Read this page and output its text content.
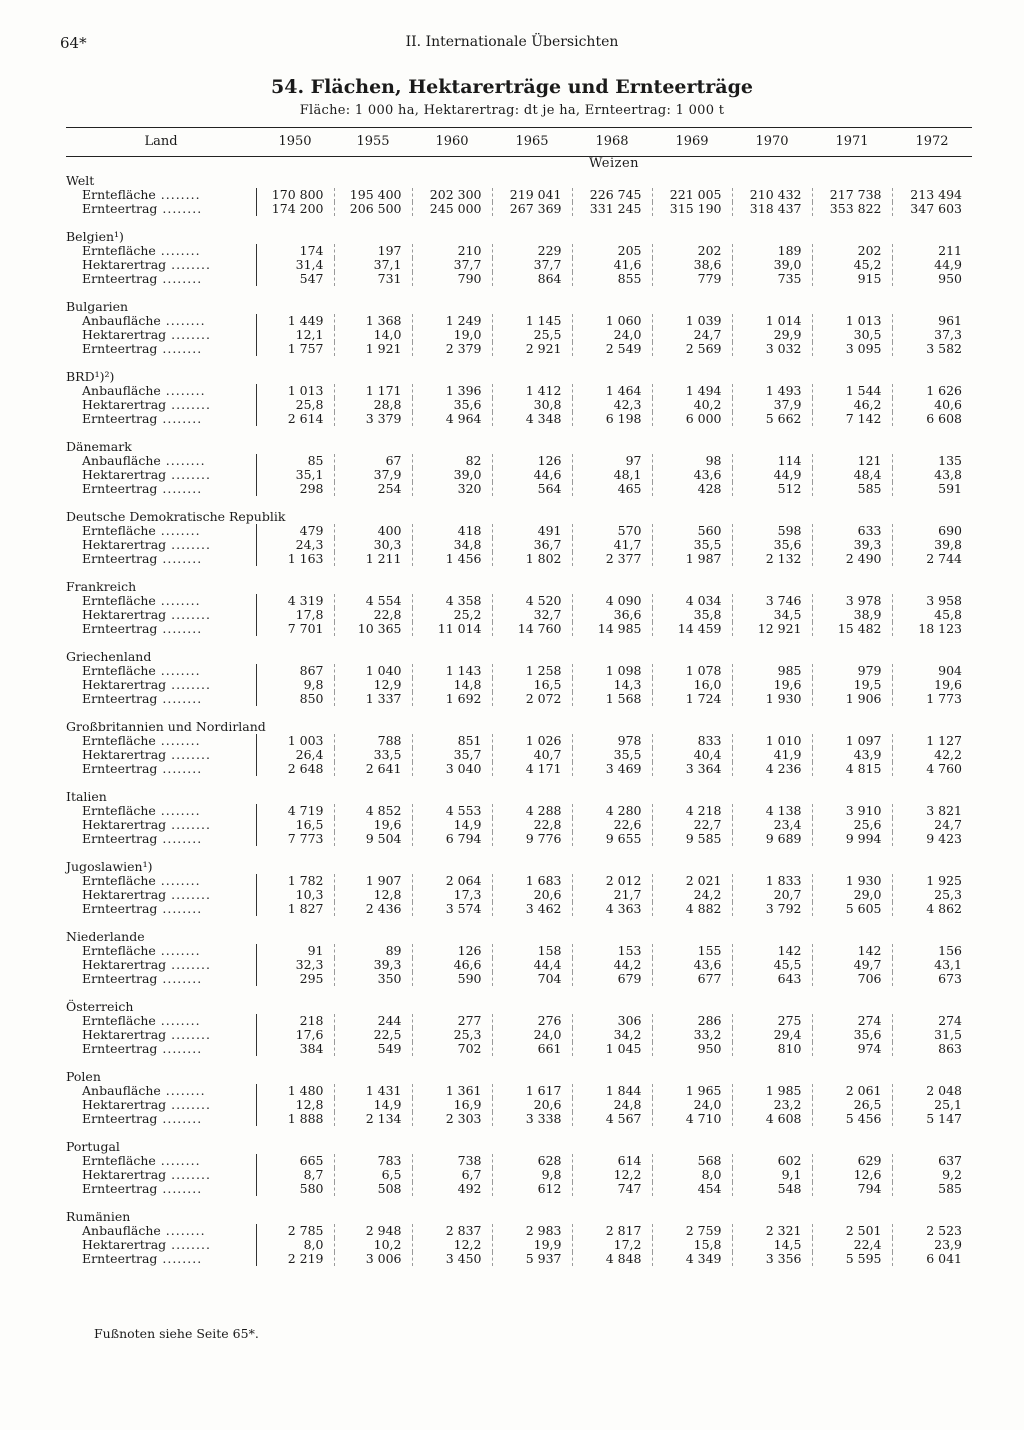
64*	II. Internationale Übersichten
54. Flächen, Hektarerträge und Ernteerträge
Fläche: 1 000 ha, Hektarertrag: dt je ha, Ernteertrag: 1 000 t
Land	1950	1955	1960	1965	1968	1969	1970	1971	1972
	Weizen								
Welt									
Erntefläche .....	170 800	195 400	202 300	219 041	226 745	221 005	210 432	217 738	213 494
Ernteertrag .....	174 200	206 500	245 000	267 369	331 245	315 190	318 437	353 822	347 603

Belgien¹)									
Erntefläche .....	174	197	210	229	205	202	189	202	211
Hektarertrag .....	31,4	37,1	37,7	37,7	41,6	38,6	39,0	45,2	44,9
Ernteertrag .....	547	731	790	864	855	779	735	915	950

Bulgarien									
Anbaufläche .....	1 449	1 368	1 249	1 145	1 060	1 039	1 014	1 013	961
Hektarertrag .....	12,1	14,0	19,0	25,5	24,0	24,7	29,9	30,5	37,3
Ernteertrag .....	1 757	1 921	2 379	2 921	2 549	2 569	3 032	3 095	3 582

BRD¹)²)									
Anbaufläche .....	1 013	1 171	1 396	1 412	1 464	1 494	1 493	1 544	1 626
Hektarertrag .....	25,8	28,8	35,6	30,8	42,3	40,2	37,9	46,2	40,6
Ernteertrag .....	2 614	3 379	4 964	4 348	6 198	6 000	5 662	7 142	6 608

Dänemark									
Anbaufläche .....	85	67	82	126	97	98	114	121	135
Hektarertrag .....	35,1	37,9	39,0	44,6	48,1	43,6	44,9	48,4	43,8
Ernteertrag .....	298	254	320	564	465	428	512	585	591

Deutsche Demokratische Republik									
Erntefläche .....	479	400	418	491	570	560	598	633	690
Hektarertrag .....	24,3	30,3	34,8	36,7	41,7	35,5	35,6	39,3	39,8
Ernteertrag .....	1 163	1 211	1 456	1 802	2 377	1 987	2 132	2 490	2 744

Frankreich									
Erntefläche .....	4 319	4 554	4 358	4 520	4 090	4 034	3 746	3 978	3 958
Hektarertrag .....	17,8	22,8	25,2	32,7	36,6	35,8	34,5	38,9	45,8
Ernteertrag .....	7 701	10 365	11 014	14 760	14 985	14 459	12 921	15 482	18 123

Griechenland									
Erntefläche .....	867	1 040	1 143	1 258	1 098	1 078	985	979	904
Hektarertrag .....	9,8	12,9	14,8	16,5	14,3	16,0	19,6	19,5	19,6
Ernteertrag .....	850	1 337	1 692	2 072	1 568	1 724	1 930	1 906	1 773

Großbritannien und Nordirland									
Erntefläche .....	1 003	788	851	1 026	978	833	1 010	1 097	1 127
Hektarertrag .....	26,4	33,5	35,7	40,7	35,5	40,4	41,9	43,9	42,2
Ernteertrag .....	2 648	2 641	3 040	4 171	3 469	3 364	4 236	4 815	4 760

Italien									
Erntefläche .....	4 719	4 852	4 553	4 288	4 280	4 218	4 138	3 910	3 821
Hektarertrag .....	16,5	19,6	14,9	22,8	22,6	22,7	23,4	25,6	24,7
Ernteertrag .....	7 773	9 504	6 794	9 776	9 655	9 585	9 689	9 994	9 423

Jugoslawien¹)									
Erntefläche .....	1 782	1 907	2 064	1 683	2 012	2 021	1 833	1 930	1 925
Hektarertrag .....	10,3	12,8	17,3	20,6	21,7	24,2	20,7	29,0	25,3
Ernteertrag .....	1 827	2 436	3 574	3 462	4 363	4 882	3 792	5 605	4 862

Niederlande									
Erntefläche .....	91	89	126	158	153	155	142	142	156
Hektarertrag .....	32,3	39,3	46,6	44,4	44,2	43,6	45,5	49,7	43,1
Ernteertrag .....	295	350	590	704	679	677	643	706	673

Österreich									
Erntefläche .....	218	244	277	276	306	286	275	274	274
Hektarertrag .....	17,6	22,5	25,3	24,0	34,2	33,2	29,4	35,6	31,5
Ernteertrag .....	384	549	702	661	1 045	950	810	974	863

Polen									
Anbaufläche .....	1 480	1 431	1 361	1 617	1 844	1 965	1 985	2 061	2 048
Hektarertrag .....	12,8	14,9	16,9	20,6	24,8	24,0	23,2	26,5	25,1
Ernteertrag .....	1 888	2 134	2 303	3 338	4 567	4 710	4 608	5 456	5 147

Portugal									
Erntefläche .....	665	783	738	628	614	568	602	629	637
Hektarertrag .....	8,7	6,5	6,7	9,8	12,2	8,0	9,1	12,6	9,2
Ernteertrag .....	580	508	492	612	747	454	548	794	585

Rumänien									
Anbaufläche .....	2 785	2 948	2 837	2 983	2 817	2 759	2 321	2 501	2 523
Hektarertrag .....	8,0	10,2	12,2	19,9	17,2	15,8	14,5	22,4	23,9
Ernteertrag .....	2 219	3 006	3 450	5 937	4 848	4 349	3 356	5 595	6 041
Fußnoten siehe Seite 65*.
